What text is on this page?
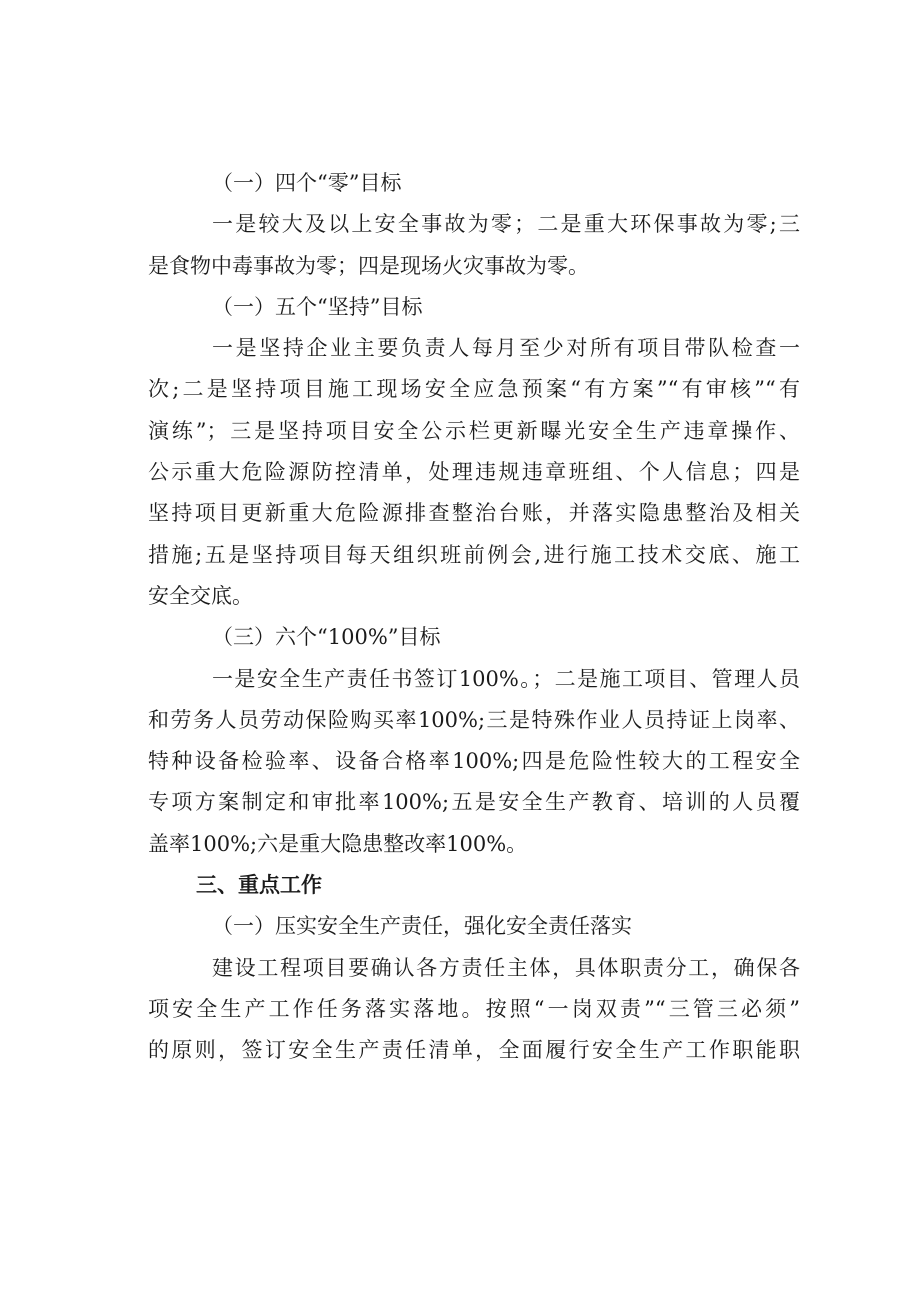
（一）四个“零”目标
一是较大及以上安全事故为零；二是重大环保事故为零;三
是食物中毒事故为零；四是现场火灾事故为零。
（一）五个“坚持”目标
一是坚持企业主要负责人每月至少对所有项目带队检查一
次;二是坚持项目施工现场安全应急预案“有方案”“有审核”“有
演练”；三是坚持项目安全公示栏更新曝光安全生产违章操作、
公示重大危险源防控清单，处理违规违章班组、个人信息；四是
坚持项目更新重大危险源排查整治台账，并落实隐患整治及相关
措施;五是坚持项目每天组织班前例会,进行施工技术交底、施工
安全交底。
（三）六个“100%”目标
一是安全生产责任书签订100%。；二是施工项目、管理人员
和劳务人员劳动保险购买率100%;三是特殊作业人员持证上岗率、
特种设备检验率、设备合格率100%;四是危险性较大的工程安全
专项方案制定和审批率100%;五是安全生产教育、培训的人员覆
盖率100%;六是重大隐患整改率100%。
三、重点工作
（一）压实安全生产责任，强化安全责任落实
建设工程项目要确认各方责任主体，具体职责分工，确保各
项安全生产工作任务落实落地。按照“一岗双责”“三管三必须”
的原则，签订安全生产责任清单，全面履行安全生产工作职能职
